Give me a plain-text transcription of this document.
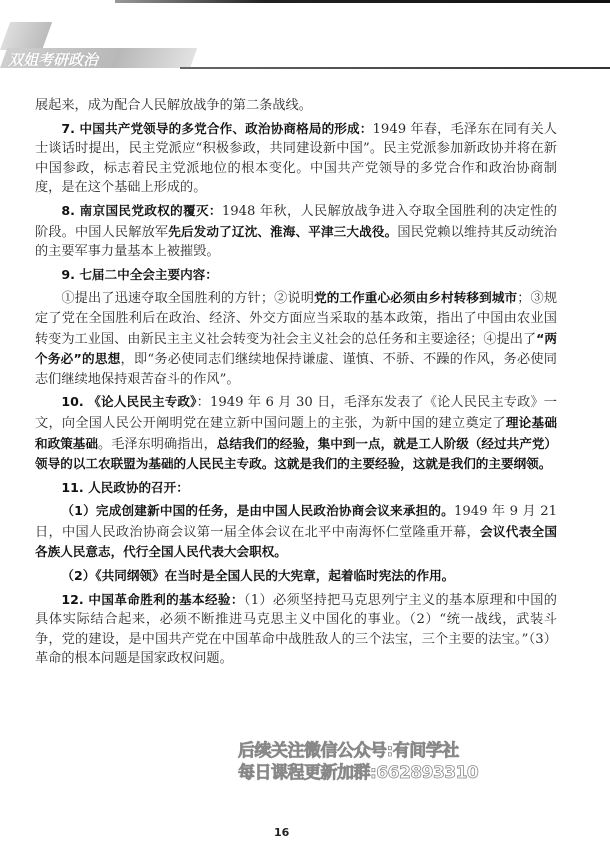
双姐考研政治

展起来，成为配合人民解放战争的第二条战线。

7. 中国共产党领导的多党合作、政治协商格局的形成：1949 年春，毛泽东在同有关人士谈话时提出，民主党派应“积极参政，共同建设新中国”。民主党派参加新政协并将在新中国参政，标志着民主党派地位的根本变化。中国共产党领导的多党合作和政治协商制度，是在这个基础上形成的。

8. 南京国民党政权的覆灭：1948 年秋，人民解放战争进入夺取全国胜利的决定性的阶段。中国人民解放军先后发动了辽沈、淮海、平津三大战役。国民党赖以维持其反动统治的主要军事力量基本上被摧毁。

9. 七届二中全会主要内容：

①提出了迅速夺取全国胜利的方针；②说明党的工作重心必须由乡村转移到城市；③规定了党在全国胜利后在政治、经济、外交方面应当采取的基本政策，指出了中国由农业国转变为工业国、由新民主主义社会转变为社会主义社会的总任务和主要途径；④提出了“两个务必”的思想，即“务必使同志们继续地保持谦虚、谨慎、不骄、不躁的作风，务必使同志们继续地保持艰苦奋斗的作风”。

10. 《论人民民主专政》：1949 年 6 月 30 日，毛泽东发表了《论人民民主专政》一文，向全国人民公开阐明党在建立新中国问题上的主张，为新中国的建立奠定了理论基础和政策基础。毛泽东明确指出，总结我们的经验，集中到一点，就是工人阶级（经过共产党）领导的以工农联盟为基础的人民民主专政。这就是我们的主要经验，这就是我们的主要纲领。

11. 人民政协的召开：

（1）完成创建新中国的任务，是由中国人民政治协商会议来承担的。1949 年 9 月 21 日，中国人民政治协商会议第一届全体会议在北平中南海怀仁堂隆重开幕，会议代表全国各族人民意志，代行全国人民代表大会职权。

（2）《共同纲领》在当时是全国人民的大宪章，起着临时宪法的作用。

12. 中国革命胜利的基本经验：（1）必须坚持把马克思列宁主义的基本原理和中国的具体实际结合起来，必须不断推进马克思主义中国化的事业。（2）“统一战线，武装斗争，党的建设，是中国共产党在中国革命中战胜敌人的三个法宝，三个主要的法宝。”（3）革命的根本问题是国家政权问题。

后续关注微信公众号:有间学社
每日课程更新加群:662893310
16
